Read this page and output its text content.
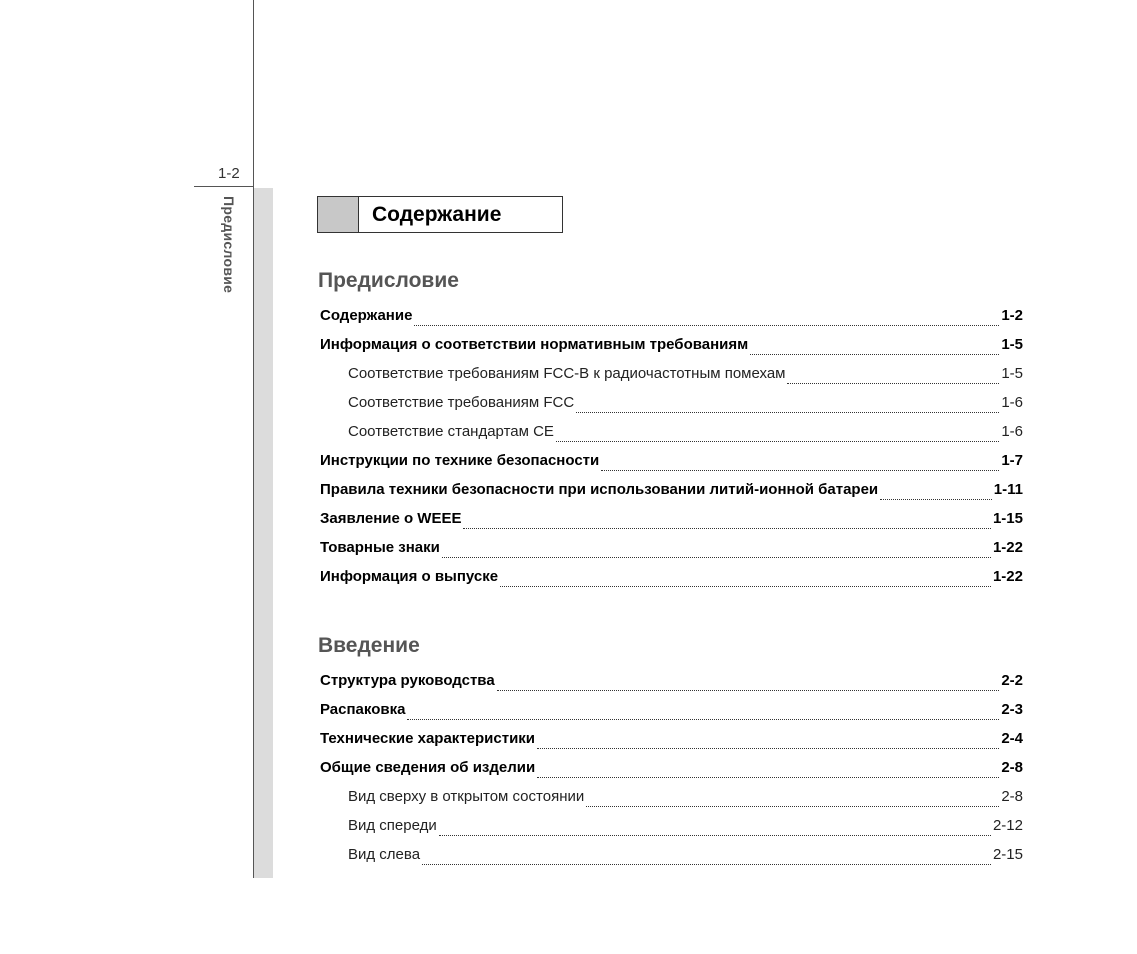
1-2
Предисловие	Содержание
Предисловие
Содержание	1-2
Информация о соответствии нормативным требованиям	1-5
Соответствие требованиям FCC-B к радиочастотным помехам	1-5
Соответствие требованиям FCC	1-6
Соответствие стандартам CE	1-6
Инструкции по технике безопасности	1-7
Правила техники безопасности при использовании литий-ионной батареи	1-11
Заявление о WEEE	1-15
Товарные знаки	1-22
Информация о выпуске	1-22
Введение
Структура руководства	2-2
Распаковка	2-3
Технические характеристики	2-4
Общие сведения об изделии	2-8
Вид сверху в открытом состоянии	2-8
Вид спереди	2-12
Вид слева	2-15
